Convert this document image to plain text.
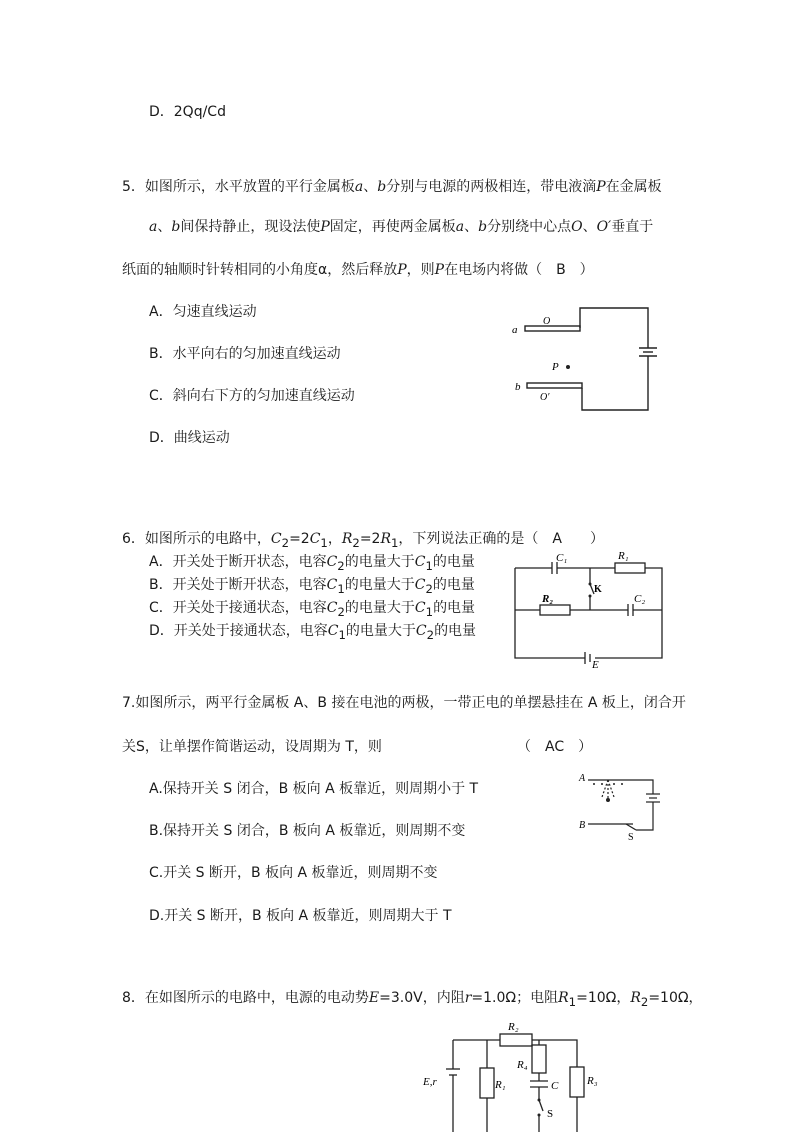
D．2Qq/Cd
5．如图所示，水平放置的平行金属板a、b分别与电源的两极相连，带电液滴P在金属板
a、b间保持静止，现设法使P固定，再使两金属板a、b分别绕中心点O、O′垂直于
纸面的轴顺时针转相同的小角度α，然后释放P，则P在电场内将做（　B　）
A．匀速直线运动
B．水平向右的匀加速直线运动
C．斜向右下方的匀加速直线运动
D．曲线运动
a
O
P
b
O′
6．如图所示的电路中，$C_2=2C_1$，$R_2=2R_1$，下列说法正确的是（　A　　）
A．开关处于断开状态，电容$C_2$的电量大于$C_1$的电量
B．开关处于断开状态，电容$C_1$的电量大于$C_2$的电量
C．开关处于接通状态，电容$C_2$的电量大于$C_1$的电量
D．开关处于接通状态，电容$C_1$的电量大于$C_2$的电量
C₁	R₁
R₂	C₂
K
E
7.如图所示，两平行金属板 A、B 接在电池的两极，一带正电的单摆悬挂在 A 板上，闭合开
关S，让单摆作简谐运动，设周期为 T，则	（　AC　）
A.保持开关 S 闭合，B 板向 A 板靠近，则周期小于 T
B.保持开关 S 闭合，B 板向 A 板靠近，则周期不变
C.开关 S 断开，B 板向 A 板靠近，则周期不变
D.开关 S 断开，B 板向 A 板靠近，则周期大于 T
A
B
S
8．在如图所示的电路中，电源的电动势E=3.0V，内阻r=1.0Ω；电阻$R_1=10\Omega$，$R_2=10\Omega$，
R₂
R₄
E,r	R₁	C	R₃
S
